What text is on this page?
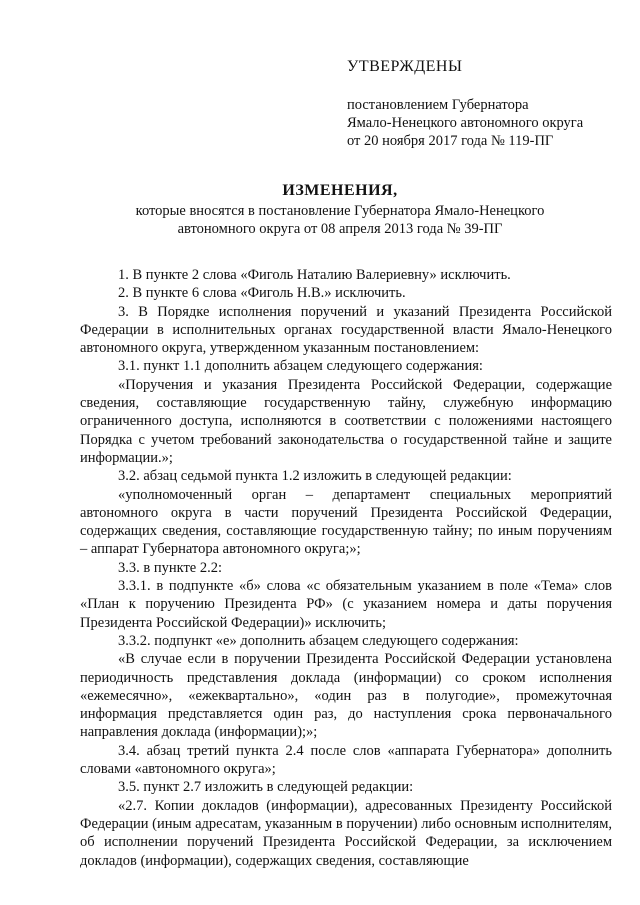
УТВЕРЖДЕНЫ
постановлением Губернатора
Ямало-Ненецкого автономного округа
от 20 ноября 2017 года № 119-ПГ
ИЗМЕНЕНИЯ,
которые вносятся в постановление Губернатора Ямало-Ненецкого
автономного округа от 08 апреля 2013 года № 39-ПГ

1. В пункте 2 слова «Фиголь Наталию Валериевну» исключить.

2. В пункте 6 слова «Фиголь Н.В.» исключить.

3. В Порядке исполнения поручений и указаний Президента Российской Федерации в исполнительных органах государственной власти Ямало-Ненецкого автономного округа, утвержденном указанным постановлением:

3.1. пункт 1.1 дополнить абзацем следующего содержания:

«Поручения и указания Президента Российской Федерации, содержащие сведения, составляющие государственную тайну, служебную информацию ограниченного доступа, исполняются в соответствии с положениями настоящего Порядка с учетом требований законодательства о государственной тайне и защите информации.»;

3.2. абзац седьмой пункта 1.2 изложить в следующей редакции:

«уполномоченный орган – департамент специальных мероприятий автономного округа в части поручений Президента Российской Федерации, содержащих сведения, составляющие государственную тайну; по иным поручениям – аппарат Губернатора автономного округа;»;

3.3. в пункте 2.2:

3.3.1. в подпункте «б» слова «с обязательным указанием в поле «Тема» слов «План к поручению Президента РФ» (с указанием номера и даты поручения Президента Российской Федерации)» исключить;

3.3.2. подпункт «е» дополнить абзацем следующего содержания:

«В случае если в поручении Президента Российской Федерации установлена периодичность представления доклада (информации) со сроком исполнения «ежемесячно», «ежеквартально», «один раз в полугодие», промежуточная информация представляется один раз, до наступления срока первоначального направления доклада (информации);»;

3.4. абзац третий пункта 2.4 после слов «аппарата Губернатора» дополнить словами «автономного округа»;

3.5. пункт 2.7 изложить в следующей редакции:

«2.7. Копии докладов (информации), адресованных Президенту Российской Федерации (иным адресатам, указанным в поручении) либо основным исполнителям, об исполнении поручений Президента Российской Федерации, за исключением докладов (информации), содержащих сведения, составляющие
